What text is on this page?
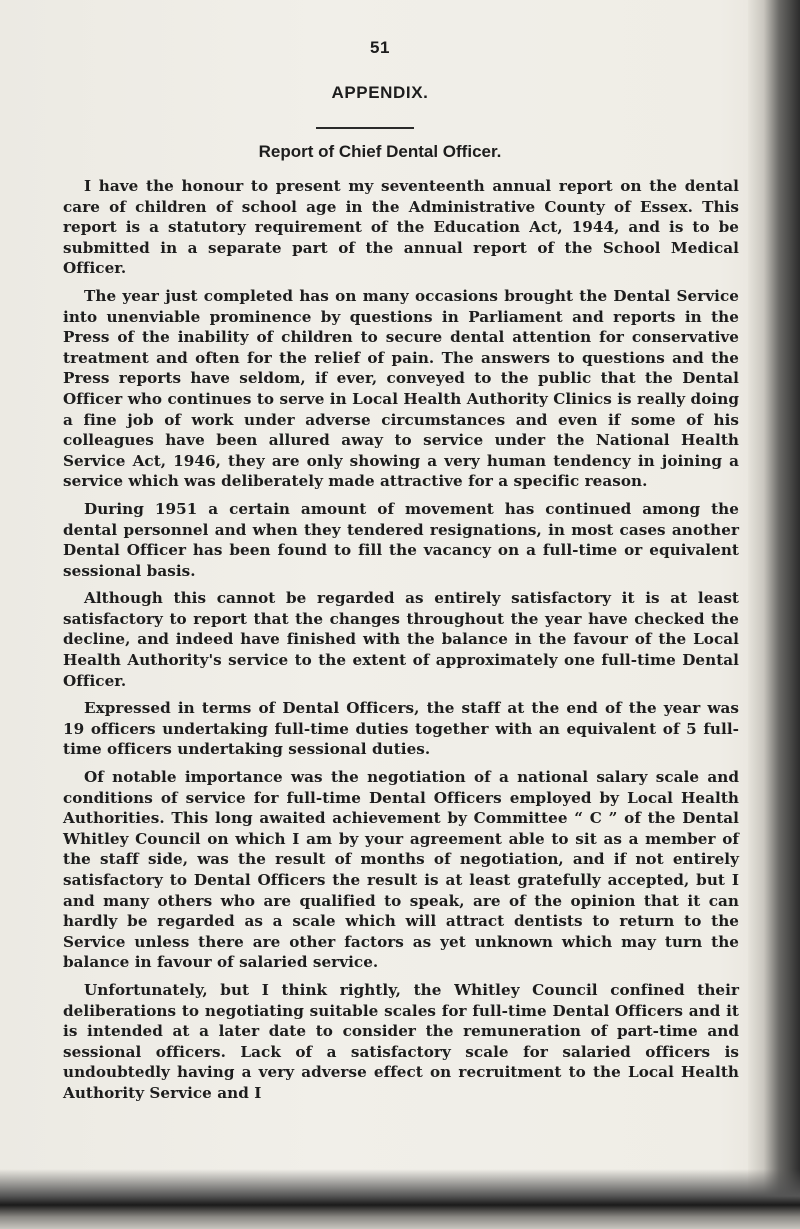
51
APPENDIX.
Report of Chief Dental Officer.

I have the honour to present my seventeenth annual report on the dental care of children of school age in the Administrative County of Essex. This report is a statutory requirement of the Education Act, 1944, and is to be submitted in a separate part of the annual report of the School Medical Officer.

The year just completed has on many occasions brought the Dental Service into unenviable prominence by questions in Parliament and reports in the Press of the inability of children to secure dental attention for conservative treatment and often for the relief of pain. The answers to questions and the Press reports have seldom, if ever, conveyed to the public that the Dental Officer who continues to serve in Local Health Authority Clinics is really doing a fine job of work under adverse circumstances and even if some of his colleagues have been allured away to service under the National Health Service Act, 1946, they are only showing a very human tendency in joining a service which was deliberately made attractive for a specific reason.

During 1951 a certain amount of movement has continued among the dental personnel and when they tendered resignations, in most cases another Dental Officer has been found to fill the vacancy on a full-time or equivalent sessional basis.

Although this cannot be regarded as entirely satisfactory it is at least satisfactory to report that the changes throughout the year have checked the decline, and indeed have finished with the balance in the favour of the Local Health Authority's service to the extent of approximately one full-time Dental Officer.

Expressed in terms of Dental Officers, the staff at the end of the year was 19 officers undertaking full-time duties together with an equivalent of 5 full-time officers undertaking sessional duties.

Of notable importance was the negotiation of a national salary scale and conditions of service for full-time Dental Officers employed by Local Health Authorities. This long awaited achievement by Committee “ C ” of the Dental Whitley Council on which I am by your agreement able to sit as a member of the staff side, was the result of months of negotiation, and if not entirely satisfactory to Dental Officers the result is at least gratefully accepted, but I and many others who are qualified to speak, are of the opinion that it can hardly be regarded as a scale which will attract dentists to return to the Service unless there are other factors as yet unknown which may turn the balance in favour of salaried service.

Unfortunately, but I think rightly, the Whitley Council confined their deliberations to negotiating suitable scales for full-time Dental Officers and it is intended at a later date to consider the remuneration of part-time and sessional officers. Lack of a satisfactory scale for salaried officers is undoubtedly having a very adverse effect on recruitment to the Local Health Authority Service and I
